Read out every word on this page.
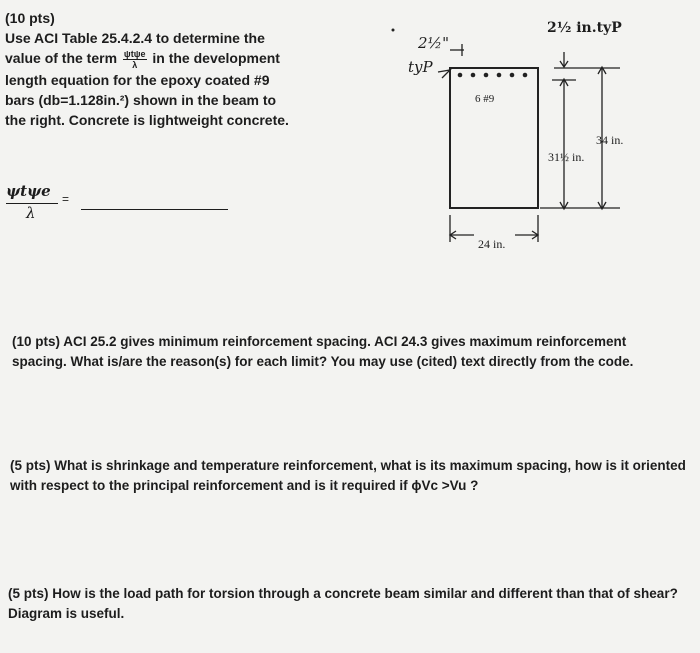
(10 pts)
Use ACI Table 25.4.2.4 to determine the
value of the term $\frac{\text{ψtψe}}{\lambda}$ in the development
length equation for the epoxy coated #9
bars (db=1.128in.²) shown in the beam to
the right. Concrete is lightweight concrete.
ψtψe
λ
=
2½"
tyP
2½ in.tyP
6 #9
34 in.
31½ in.
24 in.
(10 pts) ACI 25.2 gives minimum reinforcement spacing. ACI 24.3 gives maximum reinforcement spacing. What is/are the reason(s) for each limit? You may use (cited) text directly from the code.
(5 pts) What is shrinkage and temperature reinforcement, what is its maximum spacing, how is it oriented with respect to the principal reinforcement and is it required if ϕVc >Vu ?
(5 pts) How is the load path for torsion through a concrete beam similar and different than that of shear? Diagram is useful.
